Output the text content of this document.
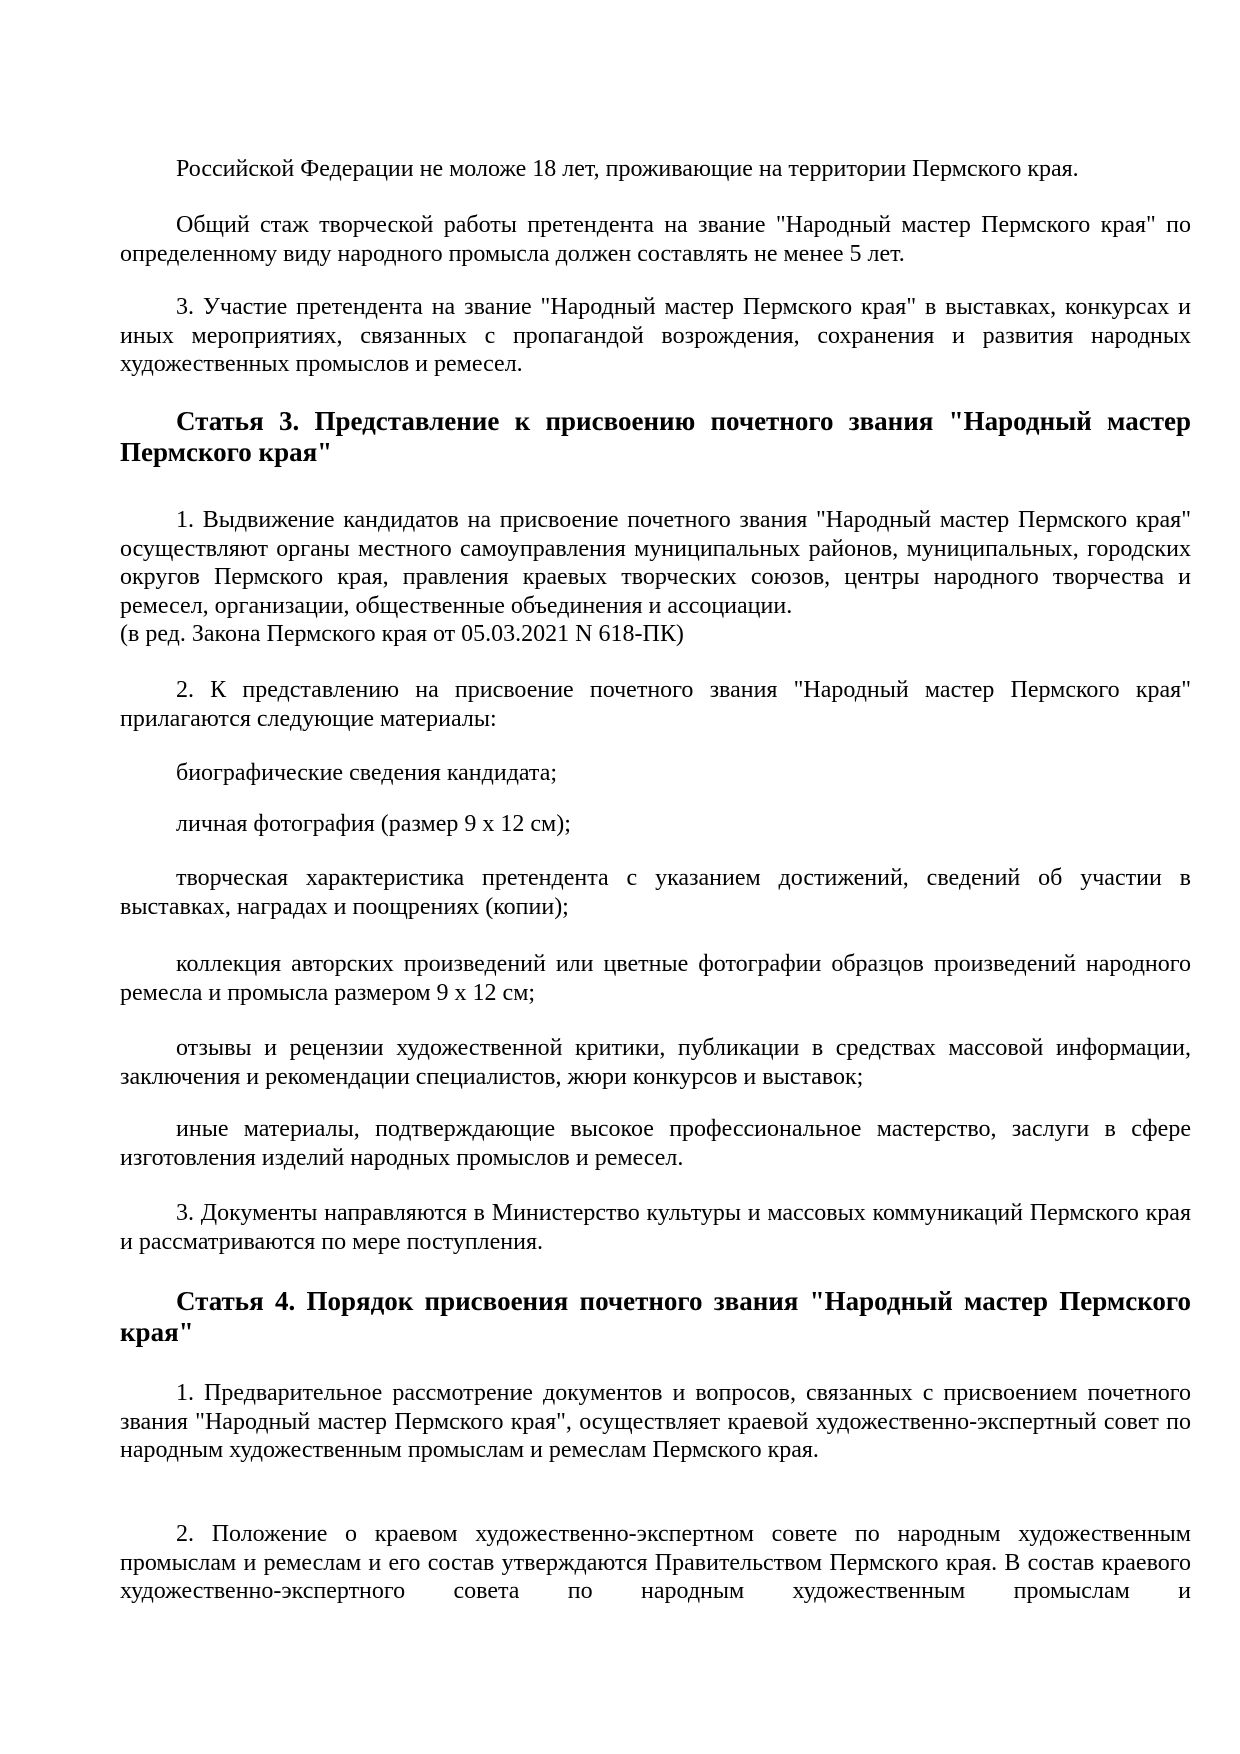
Российской Федерации не моложе 18 лет, проживающие на территории Пермского края.

Общий стаж творческой работы претендента на звание "Народный мастер Пермского края" по определенному виду народного промысла должен составлять не менее 5 лет.

3. Участие претендента на звание "Народный мастер Пермского края" в выставках, конкурсах и иных мероприятиях, связанных с пропагандой возрождения, сохранения и развития народных художественных промыслов и ремесел.

Статья 3. Представление к присвоению почетного звания "Народный мастер Пермского края"
1. Выдвижение кандидатов на присвоение почетного звания "Народный мастер Пермского края" осуществляют органы местного самоуправления муниципальных районов, муниципальных, городских округов Пермского края, правления краевых творческих союзов, центры народного творчества и ремесел, организации, общественные объединения и ассоциации.
(в ред. Закона Пермского края от 05.03.2021 N 618-ПК)

2. К представлению на присвоение почетного звания "Народный мастер Пермского края" прилагаются следующие материалы:

биографические сведения кандидата;

личная фотография (размер 9 х 12 см);

творческая характеристика претендента с указанием достижений, сведений об участии в выставках, наградах и поощрениях (копии);

коллекция авторских произведений или цветные фотографии образцов произведений народного ремесла и промысла размером 9 х 12 см;

отзывы и рецензии художественной критики, публикации в средствах массовой информации, заключения и рекомендации специалистов, жюри конкурсов и выставок;

иные материалы, подтверждающие высокое профессиональное мастерство, заслуги в сфере изготовления изделий народных промыслов и ремесел.

3. Документы направляются в Министерство культуры и массовых коммуникаций Пермского края и рассматриваются по мере поступления.

Статья 4. Порядок присвоения почетного звания "Народный мастер Пермского края"

1. Предварительное рассмотрение документов и вопросов, связанных с присвоением почетного звания "Народный мастер Пермского края", осуществляет краевой художественно-экспертный совет по народным художественным промыслам и ремеслам Пермского края.

2. Положение о краевом художественно-экспертном совете по народным художественным промыслам и ремеслам и его состав утверждаются Правительством Пермского края. В состав краевого художественно-экспертного совета по народным художественным промыслам и
